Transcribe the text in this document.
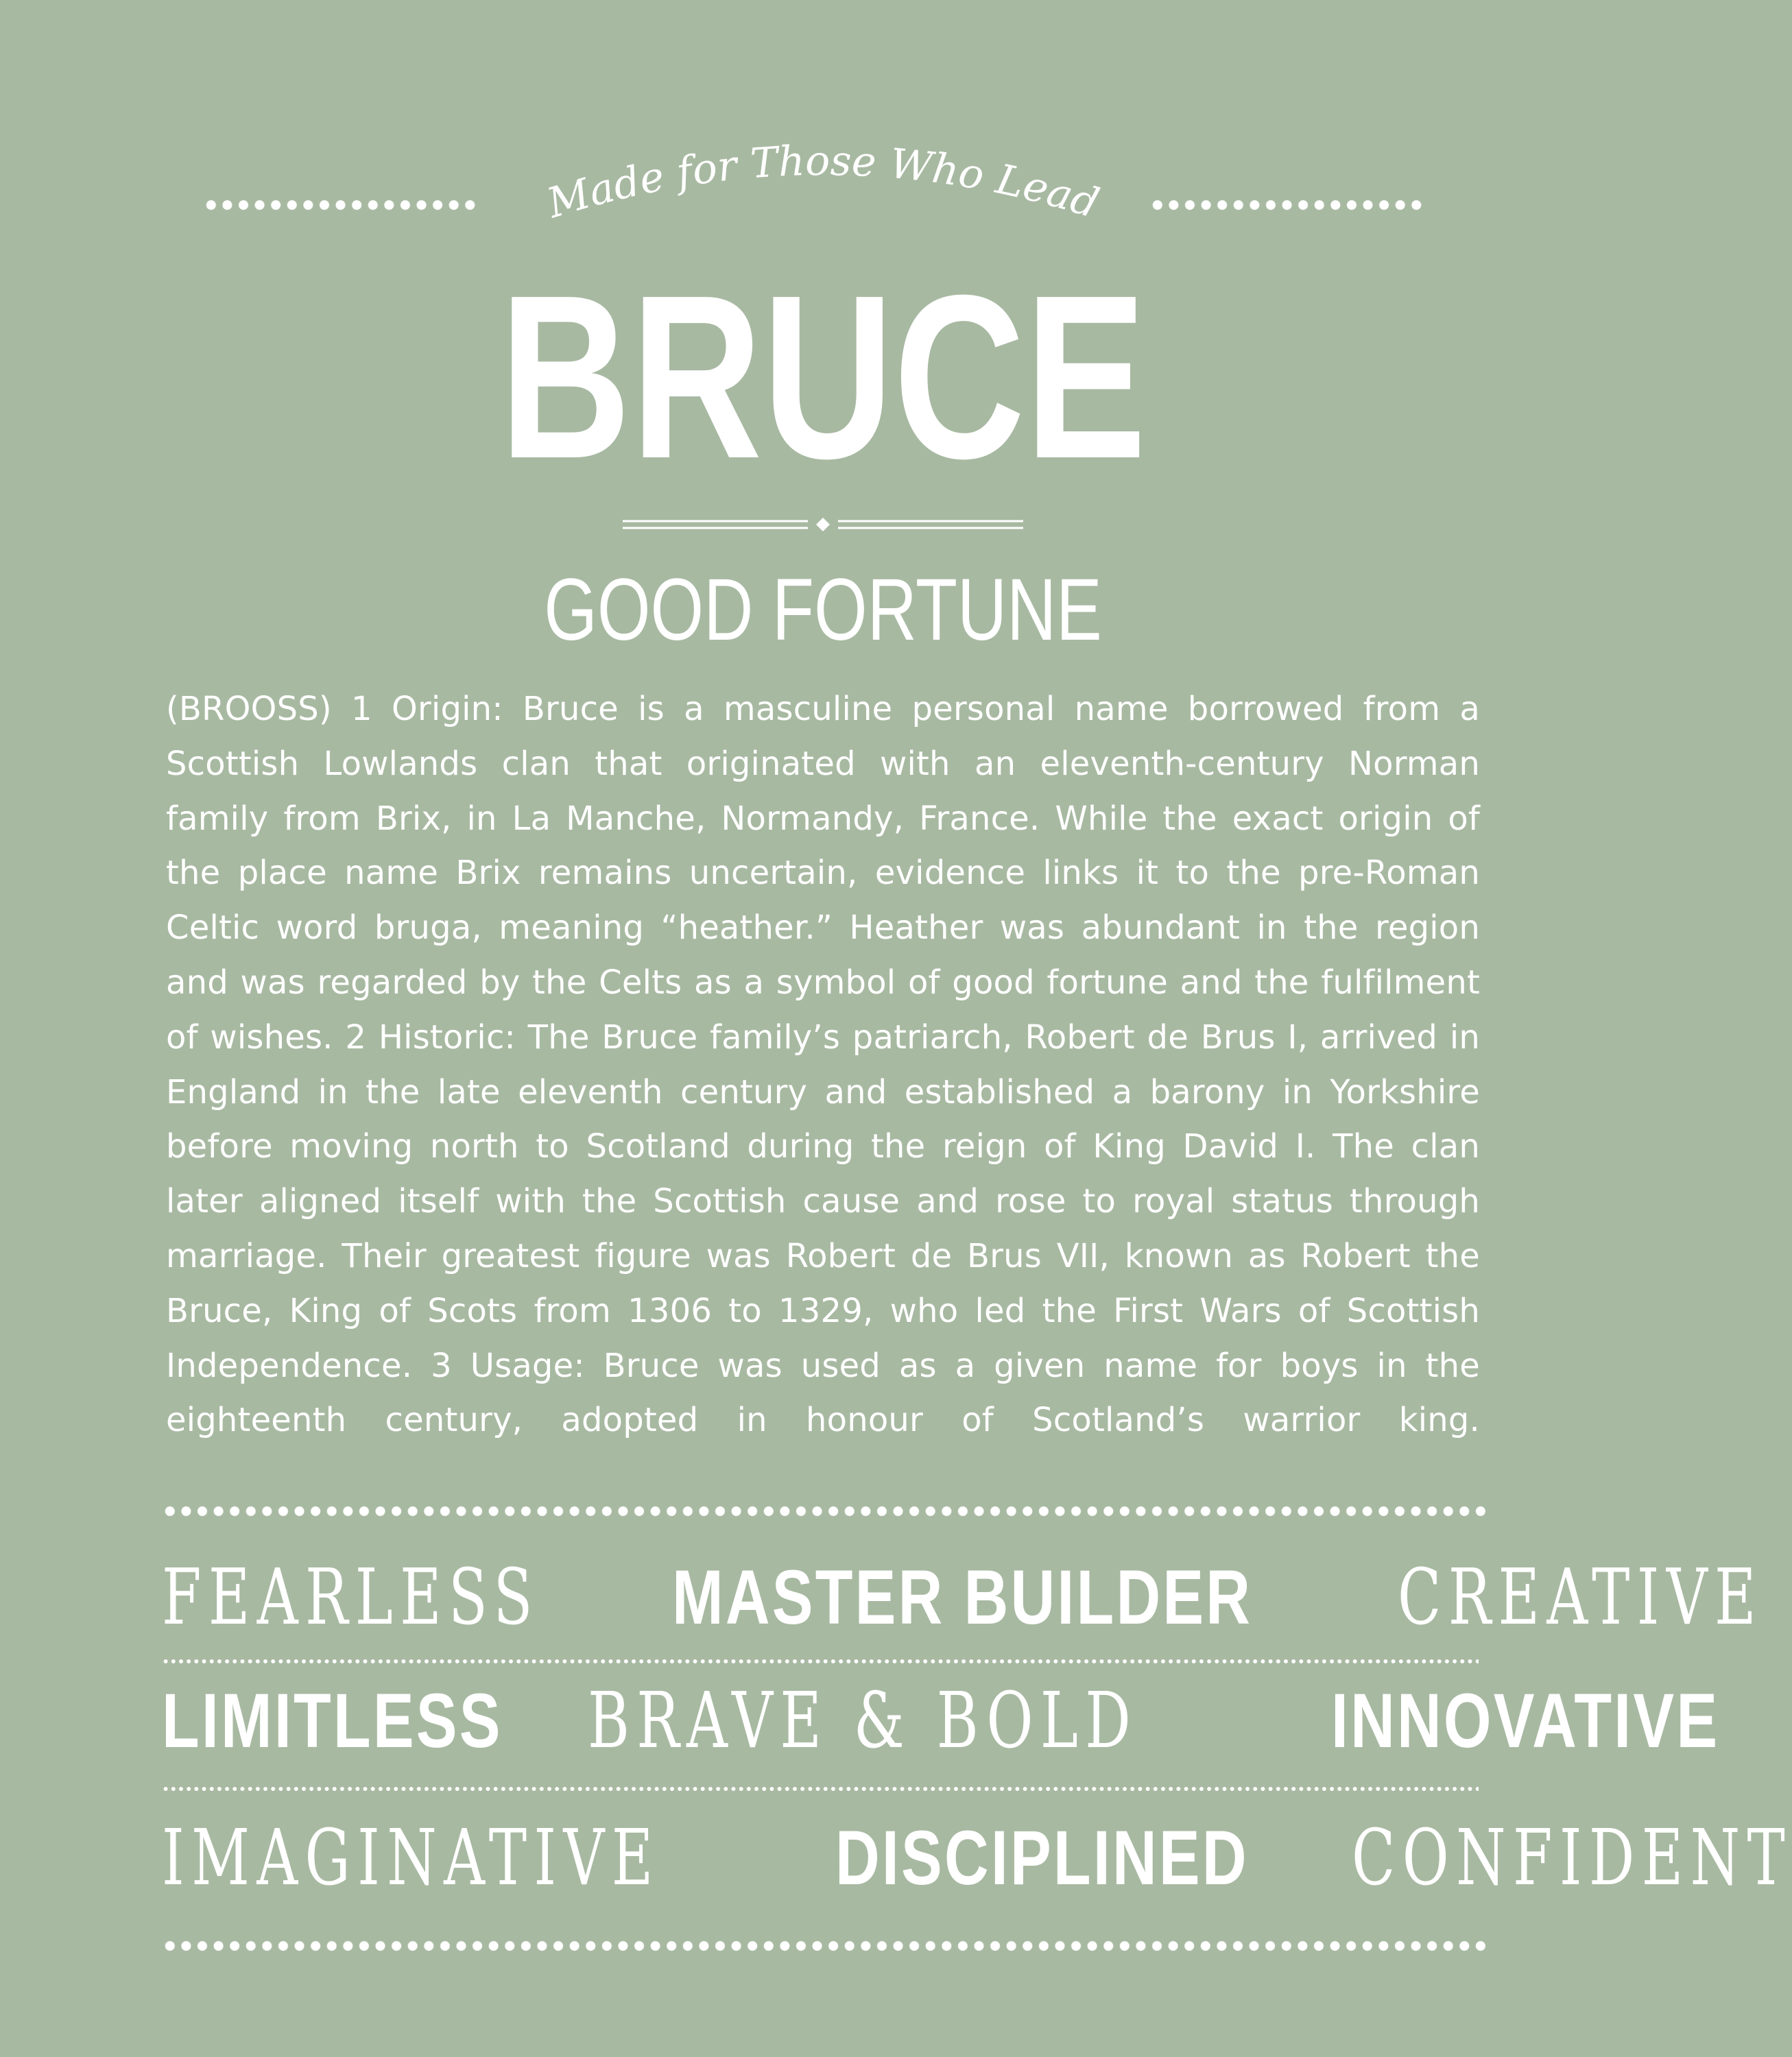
Made for Those Who Lead
BRUCE
GOOD FORTUNE
(BROOSS) 1 Origin: Bruce is a masculine personal name borrowed from a Scottish Lowlands clan that originated with an eleventh-century Norman family from Brix, in La Manche, Normandy, France. While the exact origin of the place name Brix remains uncertain, evidence links it to the pre-Roman Celtic word bruga, meaning “heather.” Heather was abundant in the region and was regarded by the Celts as a symbol of good fortune and the fulfilment of wishes. 2 Historic: The Bruce family’s patriarch, Robert de Brus I, arrived in England in the late eleventh century and established a barony in Yorkshire before moving north to Scotland during the reign of King David I. The clan later aligned itself with the Scottish cause and rose to royal status through marriage. Their greatest figure was Robert de Brus VII, known as Robert the Bruce, King of Scots from 1306 to 1329, who led the First Wars of Scottish Independence. 3 Usage: Bruce was used as a given name for boys in the eighteenth century, adopted in honour of Scotland’s warrior king.
FEARLESS MASTER BUILDER CREATIVE
LIMITLESS BRAVE & BOLD	INNOVATIVE
IMAGINATIVE DISCIPLINED CONFIDENT
